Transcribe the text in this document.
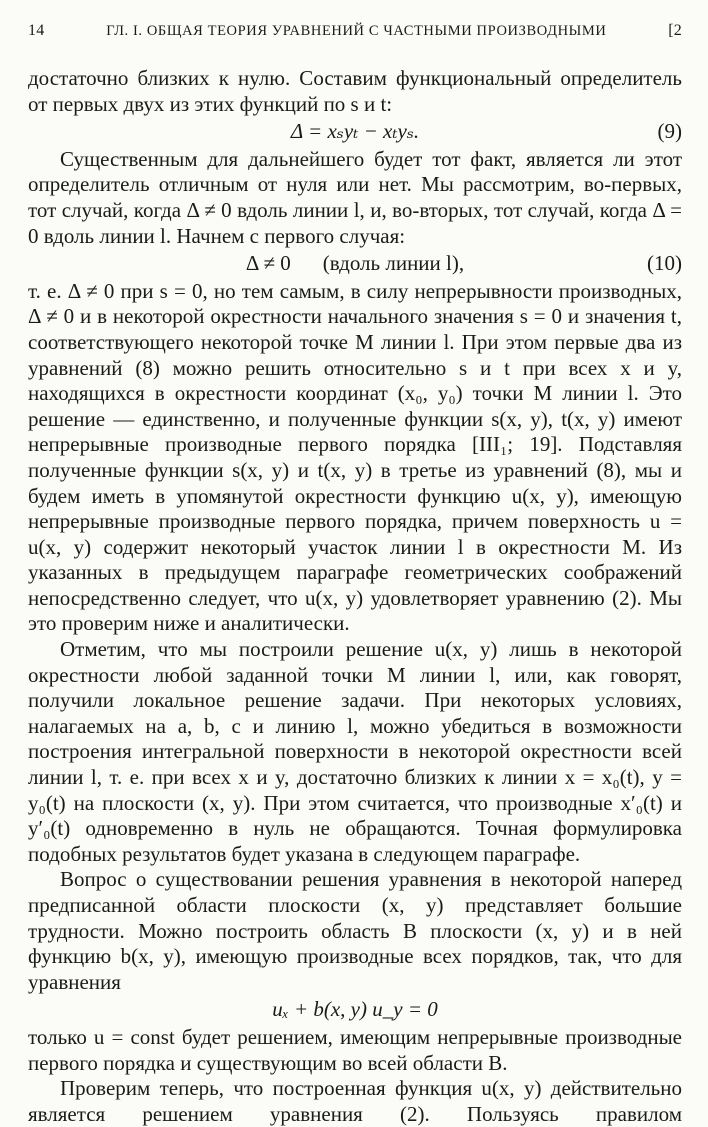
14	ГЛ. I. ОБЩАЯ ТЕОРИЯ УРАВНЕНИЙ С ЧАСТНЫМИ ПРОИЗВОДНЫМИ	[2

достаточно близких к нулю. Составим функциональный определитель от первых двух из этих функций по s и t:

Δ = xₛyₜ − xₜyₛ.	(9)

Существенным для дальнейшего будет тот факт, является ли этот определитель отличным от нуля или нет. Мы рассмотрим, во-первых, тот случай, когда Δ ≠ 0 вдоль линии l, и, во-вторых, тот случай, когда Δ = 0 вдоль линии l. Начнем с первого случая:

Δ ≠ 0 (вдоль линии l),	(10)

т. е. Δ ≠ 0 при s = 0, но тем самым, в силу непрерывности производных, Δ ≠ 0 и в некоторой окрестности начального значения s = 0 и значения t, соответствующего некоторой точке M линии l. При этом первые два из уравнений (8) можно решить относительно s и t при всех x и y, находящихся в окрестности координат (x₀, y₀) точки M линии l. Это решение — единственно, и полученные функции s(x, y), t(x, y) имеют непрерывные производные первого порядка [III₁; 19]. Подставляя полученные функции s(x, y) и t(x, y) в третье из уравнений (8), мы и будем иметь в упомянутой окрестности функцию u(x, y), имеющую непрерывные производные первого порядка, причем поверхность u = u(x, y) содержит некоторый участок линии l в окрестности M. Из указанных в предыдущем параграфе геометрических соображений непосредственно следует, что u(x, y) удовлетворяет уравнению (2). Мы это проверим ниже и аналитически.

Отметим, что мы построили решение u(x, y) лишь в некоторой окрестности любой заданной точки M линии l, или, как говорят, получили локальное решение задачи. При некоторых условиях, налагаемых на a, b, c и линию l, можно убедиться в возможности построения интегральной поверхности в некоторой окрестности всей линии l, т. е. при всех x и y, достаточно близких к линии x = x₀(t), y = y₀(t) на плоскости (x, y). При этом считается, что производные x′₀(t) и y′₀(t) одновременно в нуль не обращаются. Точная формулировка подобных результатов будет указана в следующем параграфе.

Вопрос о существовании решения уравнения в некоторой наперед предписанной области плоскости (x, y) представляет большие трудности. Можно построить область B плоскости (x, y) и в ней функцию b(x, y), имеющую производные всех порядков, так, что для уравнения

uₓ + b(x, y) u_y = 0

только u = const будет решением, имеющим непрерывные производные первого порядка и существующим во всей области B.

Проверим теперь, что построенная функция u(x, y) действительно является решением уравнения (2). Пользуясь правилом
